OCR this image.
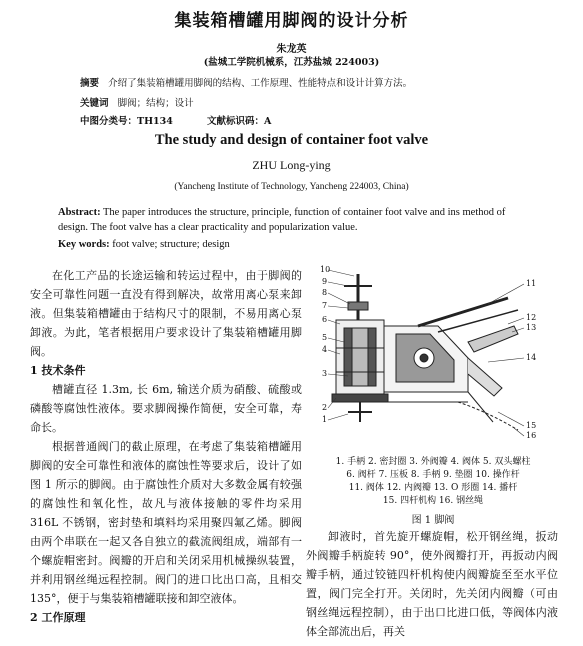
集装箱槽罐用脚阀的设计分析
朱龙英
(盐城工学院机械系，江苏盐城 224003)
摘要 介绍了集装箱槽罐用脚阀的结构、工作原理、性能特点和设计计算方法。
关键词 脚阀；结构；设计
中图分类号：TH134	文献标识码：A
The study and design of container foot valve
ZHU Long-ying
(Yancheng Institute of Technology, Yancheng 224003, China)
Abstract: The paper introduces the structure, principle, function of container foot valve and ins method of design. The foot valve has a clear practicality and popularization value.
Key words: foot valve; structure; design

在化工产品的长途运输和转运过程中，由于脚阀的安全可靠性问题一直没有得到解决，故常用离心泵来卸液。但集装箱槽罐由于结构尺寸的限制，不易用离心泵卸液。为此，笔者根据用户要求设计了集装箱槽罐用脚阀。

1 技术条件

槽罐直径 1.3m, 长 6m, 输送介质为硝酸、硫酸或磷酸等腐蚀性液体。要求脚阀操作简便，安全可靠，寿命长。

根据普通阀门的截止原理，在考虑了集装箱槽罐用脚阀的安全可靠性和液体的腐蚀性等要求后，设计了如图 1 所示的脚阀。由于腐蚀性介质对大多数金属有较强的腐蚀性和氧化性，故凡与液体接触的零件均采用 316L 不锈钢，密封垫和填料均采用聚四氟乙烯。脚阀由两个串联在一起又各自独立的截流阀组成，端部有一个螺旋帽密封。阀瓣的开启和关闭采用机械操纵装置，并利用钢丝绳远程控制。阀门的进口比出口高，且相交 135°，便于与集装箱槽罐联接和卸空液体。

2 工作原理
10
9
8
7
6
5
4
3
2
1
11
12
13
14
15
16
1. 手柄 2. 密封圈 3. 外阀瓣 4. 阀体 5. 双头螺柱
6. 阀杆 7. 压板 8. 手柄 9. 垫圈 10. 操作杆
11. 阀体 12. 内阀瓣 13. O 形圈 14. 播杆
15. 四杆机构 16. 钢丝绳
图 1 脚阀

卸液时，首先旋开螺旋帽，松开钢丝绳，扳动外阀瓣手柄旋转 90°，使外阀瓣打开，再扳动内阀瓣手柄，通过铰链四杆机构使内阀瓣旋至至水平位置，阀门完全打开。关闭时，先关闭内阀瓣（可由钢丝绳远程控制），由于出口比进口低，等阀体内液体全部流出后，再关
